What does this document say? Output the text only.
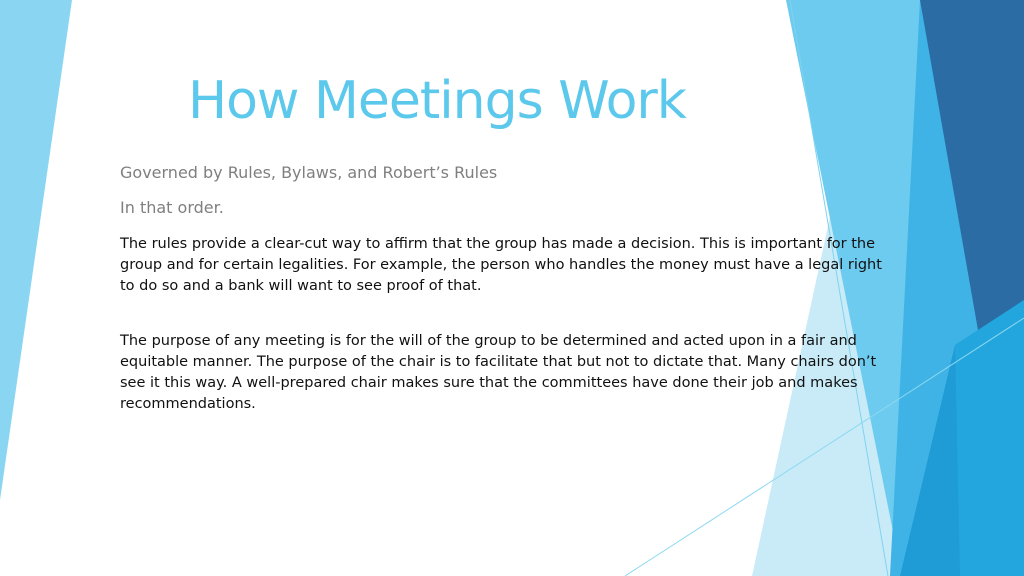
How Meetings Work
Governed by Rules, Bylaws, and Robert’s Rules
In that order.
The rules provide a clear-cut way to affirm that the group has made a decision. This is important for the group and for certain legalities. For example, the person who handles the money must have a legal right to do so and a bank will want to see proof of that.
The purpose of any meeting is for the will of the group to be determined and acted upon in a fair and equitable manner. The purpose of the chair is to facilitate that but not to dictate that. Many chairs don’t see it this way. A well-prepared chair makes sure that the committees have done their job and makes recommendations.
